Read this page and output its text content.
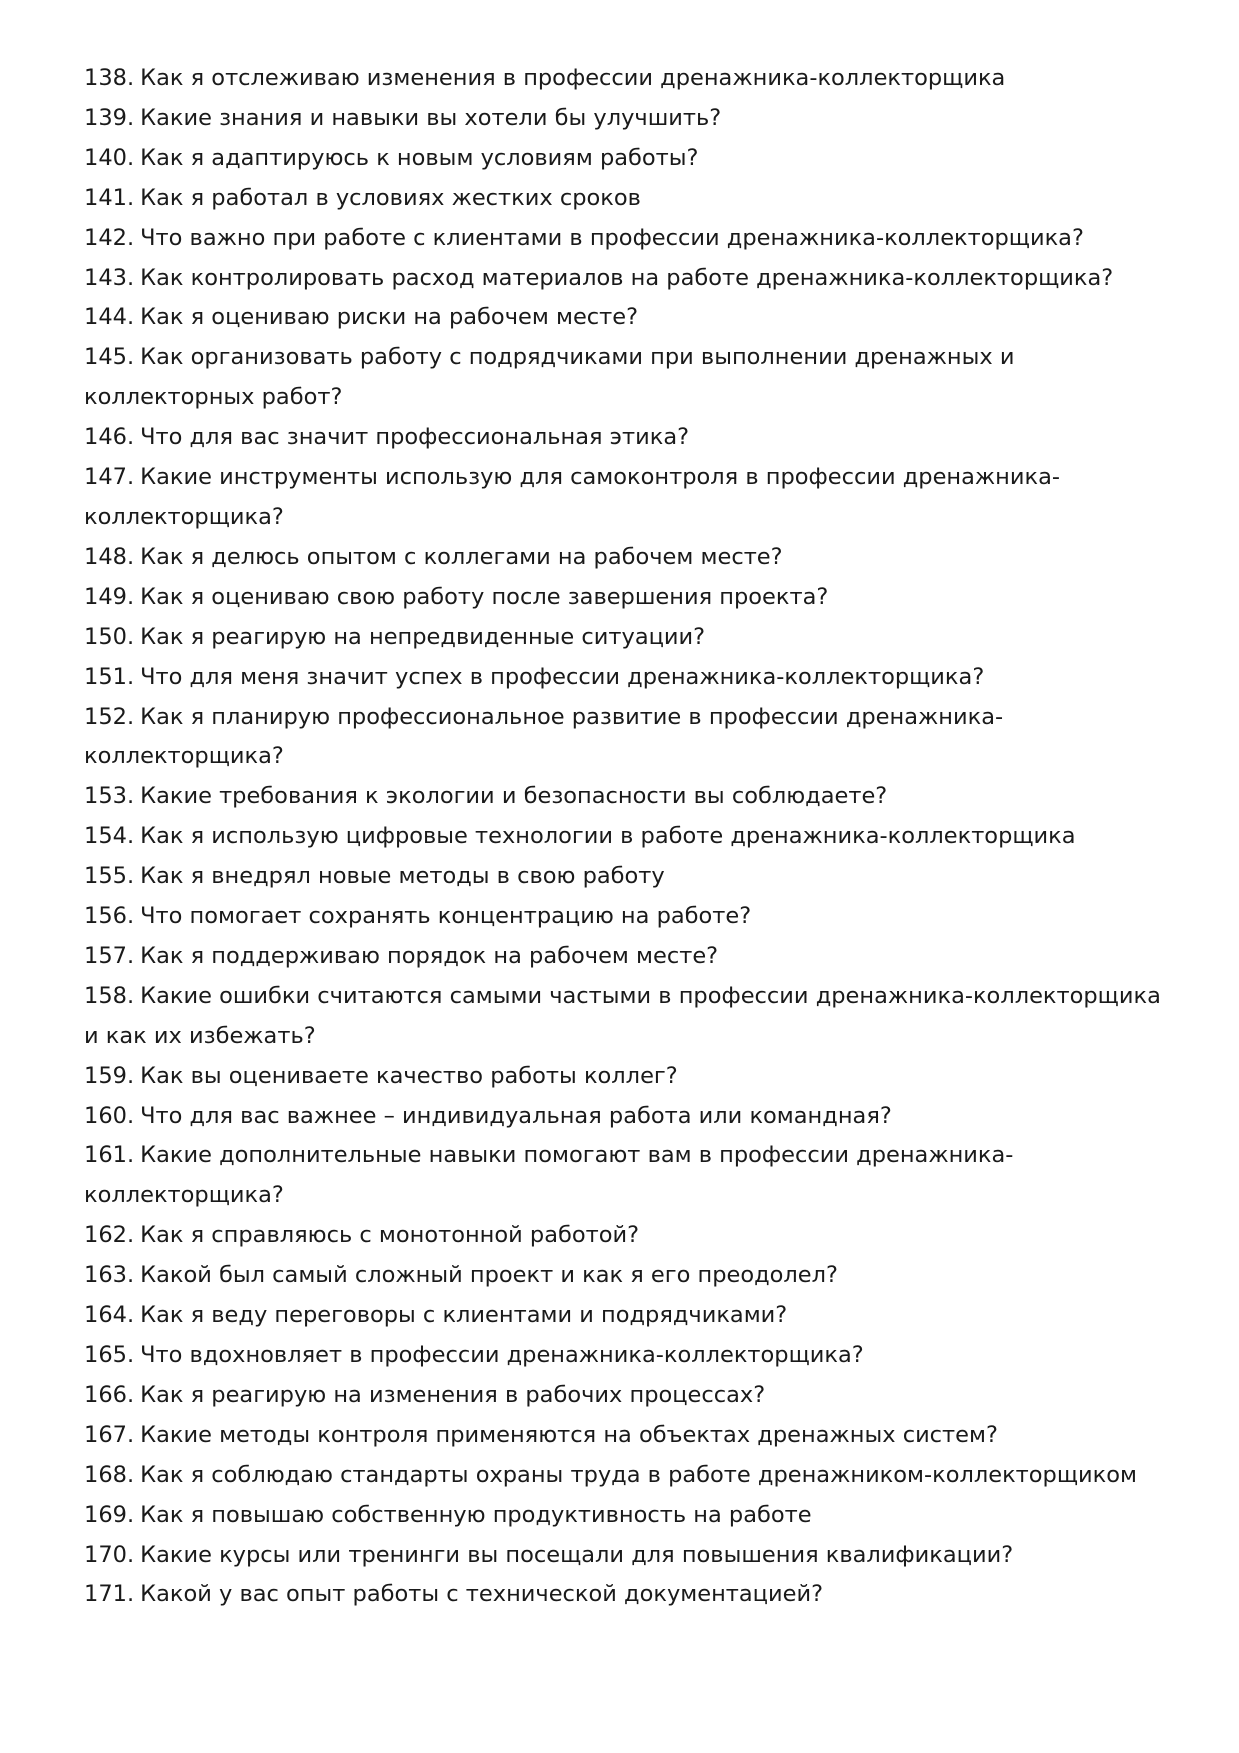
138. Как я отслеживаю изменения в профессии дренажника-коллекторщика

139. Какие знания и навыки вы хотели бы улучшить?

140. Как я адаптируюсь к новым условиям работы?

141. Как я работал в условиях жестких сроков

142. Что важно при работе с клиентами в профессии дренажника-коллекторщика?

143. Как контролировать расход материалов на работе дренажника-коллекторщика?

144. Как я оцениваю риски на рабочем месте?

145. Как организовать работу с подрядчиками при выполнении дренажных и коллекторных работ?

146. Что для вас значит профессиональная этика?

147. Какие инструменты использую для самоконтроля в профессии дренажника-коллекторщика?

148. Как я делюсь опытом с коллегами на рабочем месте?

149. Как я оцениваю свою работу после завершения проекта?

150. Как я реагирую на непредвиденные ситуации?

151. Что для меня значит успех в профессии дренажника-коллекторщика?

152. Как я планирую профессиональное развитие в профессии дренажника-коллекторщика?

153. Какие требования к экологии и безопасности вы соблюдаете?

154. Как я использую цифровые технологии в работе дренажника-коллекторщика

155. Как я внедрял новые методы в свою работу

156. Что помогает сохранять концентрацию на работе?

157. Как я поддерживаю порядок на рабочем месте?

158. Какие ошибки считаются самыми частыми в профессии дренажника-коллекторщика и как их избежать?

159. Как вы оцениваете качество работы коллег?

160. Что для вас важнее – индивидуальная работа или командная?

161. Какие дополнительные навыки помогают вам в профессии дренажника-коллекторщика?

162. Как я справляюсь с монотонной работой?

163. Какой был самый сложный проект и как я его преодолел?

164. Как я веду переговоры с клиентами и подрядчиками?

165. Что вдохновляет в профессии дренажника-коллекторщика?

166. Как я реагирую на изменения в рабочих процессах?

167. Какие методы контроля применяются на объектах дренажных систем?

168. Как я соблюдаю стандарты охраны труда в работе дренажником-коллекторщиком

169. Как я повышаю собственную продуктивность на работе

170. Какие курсы или тренинги вы посещали для повышения квалификации?

171. Какой у вас опыт работы с технической документацией?
